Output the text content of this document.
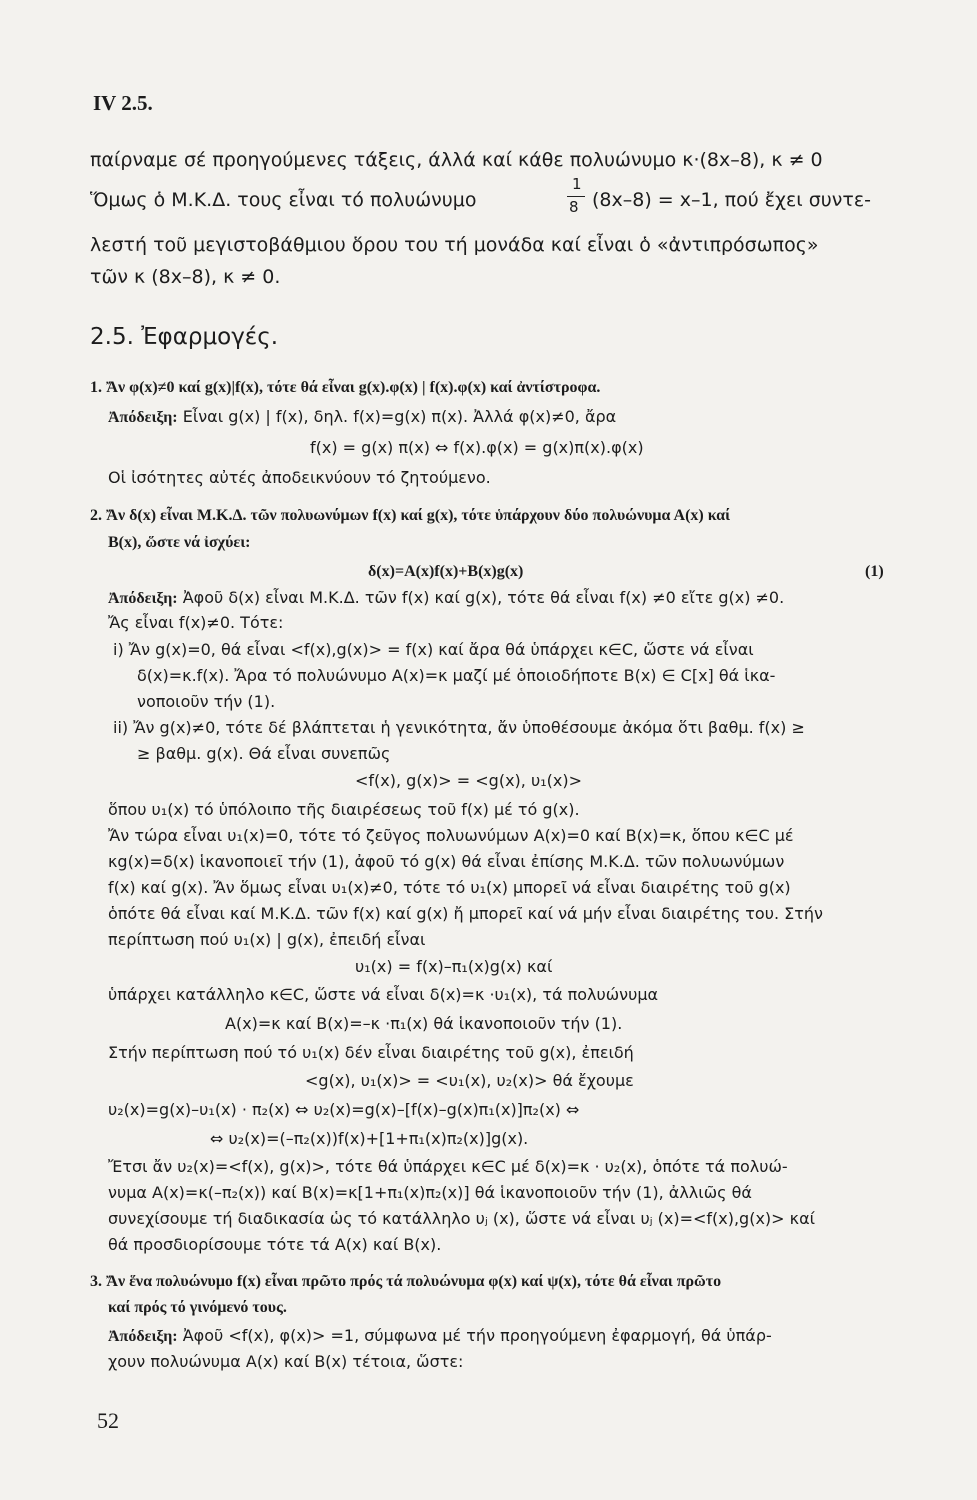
IV 2.5.
παίρναμε σέ προηγούμενες τάξεις, άλλά καί κάθε πολυώνυμο κ·(8x–8), κ ≠ 0
1
8
Ὅμως ὁ Μ.Κ.Δ. τους εἶναι τό πολυώνυμο	(8x–8) = x–1, πού ἔχει συντε-
λεστή τοῦ μεγιστοβάθμιου ὅρου του τή μονάδα καί εἶναι ὁ «ἀντιπρόσωπος»
τῶν κ (8x–8), κ ≠ 0.
2.5. Ἐφαρμογές.
1. Ἄν φ(x)≠0 καί g(x)|f(x), τότε θά εἶναι g(x).φ(x) | f(x).φ(x) καί ἀντίστροφα.
Ἀπόδειξη: Εἶναι g(x) | f(x), δηλ. f(x)=g(x) π(x). Ἀλλά φ(x)≠0, ἄρα
f(x) = g(x) π(x) ⇔ f(x).φ(x) = g(x)π(x).φ(x)
Οἱ ἰσότητες αὐτές ἀποδεικνύουν τό ζητούμενο.
2. Ἄν δ(x) εἶναι Μ.Κ.Δ. τῶν πολυωνύμων f(x) καί g(x), τότε ὑπάρχουν δύο πολυώνυμα Α(x) καί
Β(x), ὥστε νά ἰσχύει:
δ(x)=Α(x)f(x)+Β(x)g(x)	(1)
Ἀπόδειξη: Ἀφοῦ δ(x) εἶναι Μ.Κ.Δ. τῶν f(x) καί g(x), τότε θά εἶναι f(x) ≠0 εἴτε g(x) ≠0.
Ἄς εἶναι f(x)≠0. Τότε:
i) Ἄν g(x)=0, θά εἶναι <f(x),g(x)> = f(x) καί ἄρα θά ὑπάρχει κ∈C, ὥστε νά εἶναι
δ(x)=κ.f(x). Ἄρα τό πολυώνυμο Α(x)=κ μαζί μέ ὁποιοδήποτε Β(x) ∈ C[x] θά ἱκα-
νοποιοῦν τήν (1).
ii) Ἄν g(x)≠0, τότε δέ βλάπτεται ἡ γενικότητα, ἄν ὑποθέσουμε ἀκόμα ὅτι βαθμ. f(x) ≥
≥ βαθμ. g(x). Θά εἶναι συνεπῶς
<f(x), g(x)> = <g(x), υ₁(x)>
ὅπου υ₁(x) τό ὑπόλοιπο τῆς διαιρέσεως τοῦ f(x) μέ τό g(x).
Ἄν τώρα εἶναι υ₁(x)=0, τότε τό ζεῦγος πολυωνύμων Α(x)=0 καί Β(x)=κ, ὅπου κ∈C μέ
κg(x)=δ(x) ἱκανοποιεῖ τήν (1), ἀφοῦ τό g(x) θά εἶναι ἐπίσης Μ.Κ.Δ. τῶν πολυωνύμων
f(x) καί g(x). Ἄν ὅμως εἶναι υ₁(x)≠0, τότε τό υ₁(x) μπορεῖ νά εἶναι διαιρέτης τοῦ g(x)
ὁπότε θά εἶναι καί Μ.Κ.Δ. τῶν f(x) καί g(x) ἤ μπορεῖ καί νά μήν εἶναι διαιρέτης του. Στήν
περίπτωση πού υ₁(x) | g(x), ἐπειδή εἶναι
υ₁(x) = f(x)–π₁(x)g(x) καί
ὑπάρχει κατάλληλο κ∈C, ὥστε νά εἶναι δ(x)=κ ·υ₁(x), τά πολυώνυμα
Α(x)=κ καί Β(x)=–κ ·π₁(x) θά ἱκανοποιοῦν τήν (1).
Στήν περίπτωση πού τό υ₁(x) δέν εἶναι διαιρέτης τοῦ g(x), ἐπειδή
<g(x), υ₁(x)> = <υ₁(x), υ₂(x)> θά ἔχουμε
υ₂(x)=g(x)–υ₁(x) · π₂(x) ⇔ υ₂(x)=g(x)–[f(x)–g(x)π₁(x)]π₂(x) ⇔
⇔ υ₂(x)=(–π₂(x))f(x)+[1+π₁(x)π₂(x)]g(x).
Ἔτσι ἄν υ₂(x)=<f(x), g(x)>, τότε θά ὑπάρχει κ∈C μέ δ(x)=κ · υ₂(x), ὁπότε τά πολυώ-
νυμα Α(x)=κ(–π₂(x)) καί Β(x)=κ[1+π₁(x)π₂(x)] θά ἱκανοποιοῦν τήν (1), ἀλλιῶς θά
συνεχίσουμε τή διαδικασία ὡς τό κατάλληλο υⱼ (x), ὥστε νά εἶναι υⱼ (x)=<f(x),g(x)> καί
θά προσδιορίσουμε τότε τά Α(x) καί Β(x).
3. Ἄν ἕνα πολυώνυμο f(x) εἶναι πρῶτο πρός τά πολυώνυμα φ(x) καί ψ(x), τότε θά εἶναι πρῶτο
καί πρός τό γινόμενό τους.
Ἀπόδειξη: Ἀφοῦ <f(x), φ(x)> =1, σύμφωνα μέ τήν προηγούμενη ἐφαρμογή, θά ὑπάρ-
χουν πολυώνυμα Α(x) καί Β(x) τέτοια, ὥστε:
52
